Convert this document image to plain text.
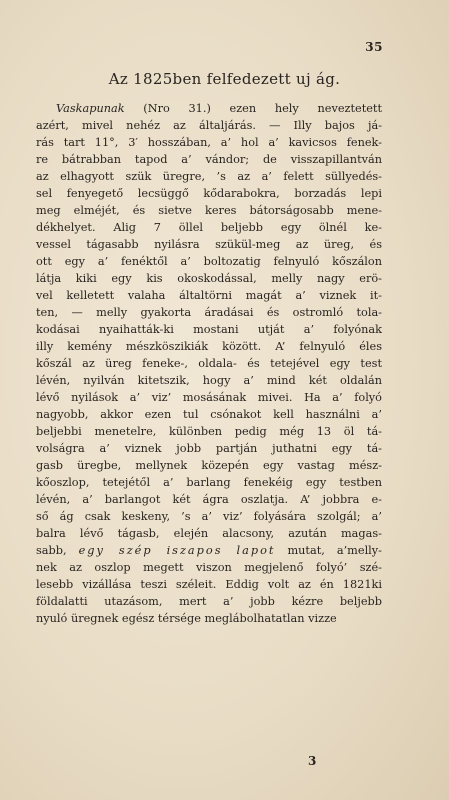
35
Az 1825ben felfedezett uj ág.
Vaskapunak (Nro 31.) ezen hely neveztetett
azért, mivel nehéz az általjárás. — Illy bajos já-
rás tart 11°, 3′ hosszában, a’ hol a’ kavicsos fenek-
re bátrabban tapod a’ vándor; de visszapillantván
az elhagyott szük üregre, ’s az a’ felett süllyedés-
sel fenyegető lecsüggő kődarabokra, borzadás lepi
meg elméjét, és sietve keres bátorságosabb mene-
dékhelyet. Alig 7 öllel beljebb egy ölnél ke-
vessel tágasabb nyilásra szükül-meg az üreg, és
ott egy a’ fenéktől a’ boltozatig felnyuló kőszálon
látja kiki egy kis okoskodással, melly nagy erö-
vel kelletett valaha általtörni magát a’ viznek it-
ten, — melly gyakorta áradásai és ostromló tola-
kodásai nyaihatták-ki mostani utját a’ folyónak
illy kemény mészköszikiák között. A’ felnyuló éles
kőszál az üreg feneke-, oldala- és tetejével egy test
lévén, nyilván kitetszik, hogy a’ mind két oldalán
lévő nyilások a’ viz’ mosásának mivei. Ha a’ folyó
nagyobb, akkor ezen tul csónakot kell használni a’
beljebbi menetelre, különben pedig még 13 öl tá-
volságra a’ viznek jobb partján juthatni egy tá-
gasb üregbe, mellynek közepén egy vastag mész-
kőoszlop, tetejétől a’ barlang fenekéig egy testben
lévén, a’ barlangot két ágra oszlatja. A’ jobbra e-
ső ág csak keskeny, ’s a’ viz’ folyására szolgál; a’
balra lévő tágasb, elején alacsony, azután magas-
sabb, egy szép iszapos lapot mutat, a’melly-
nek az oszlop megett viszon megjelenő folyó’ szé-
lesebb vizállása teszi széleit. Eddig volt az én 1821ki
földalatti utazásom, mert a’ jobb kézre beljebb
nyuló üregnek egész térsége meglábolhatatlan vizze
3
